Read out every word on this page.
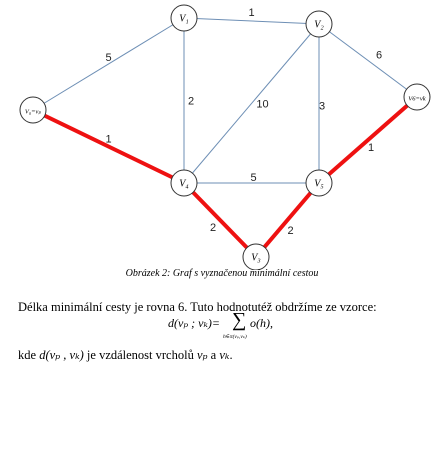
1
5
2	10	3
6
5
1
2	2
1
V₁
V₂
V₀=vₚ
V6=vk
V₄	V₅
V₃
Obrázek 2: Graf s vyznačenou minimální cestou
Délka minimální cesty je rovna 6. Tuto hodnotutéž obdržíme ze vzorce:
d(vₚ ; vₖ)= ∑
h∈π(vₚ,vₖ)
o(h),
kde d(vₚ , vₖ) je vzdálenost vrcholů vₚ a vₖ.
